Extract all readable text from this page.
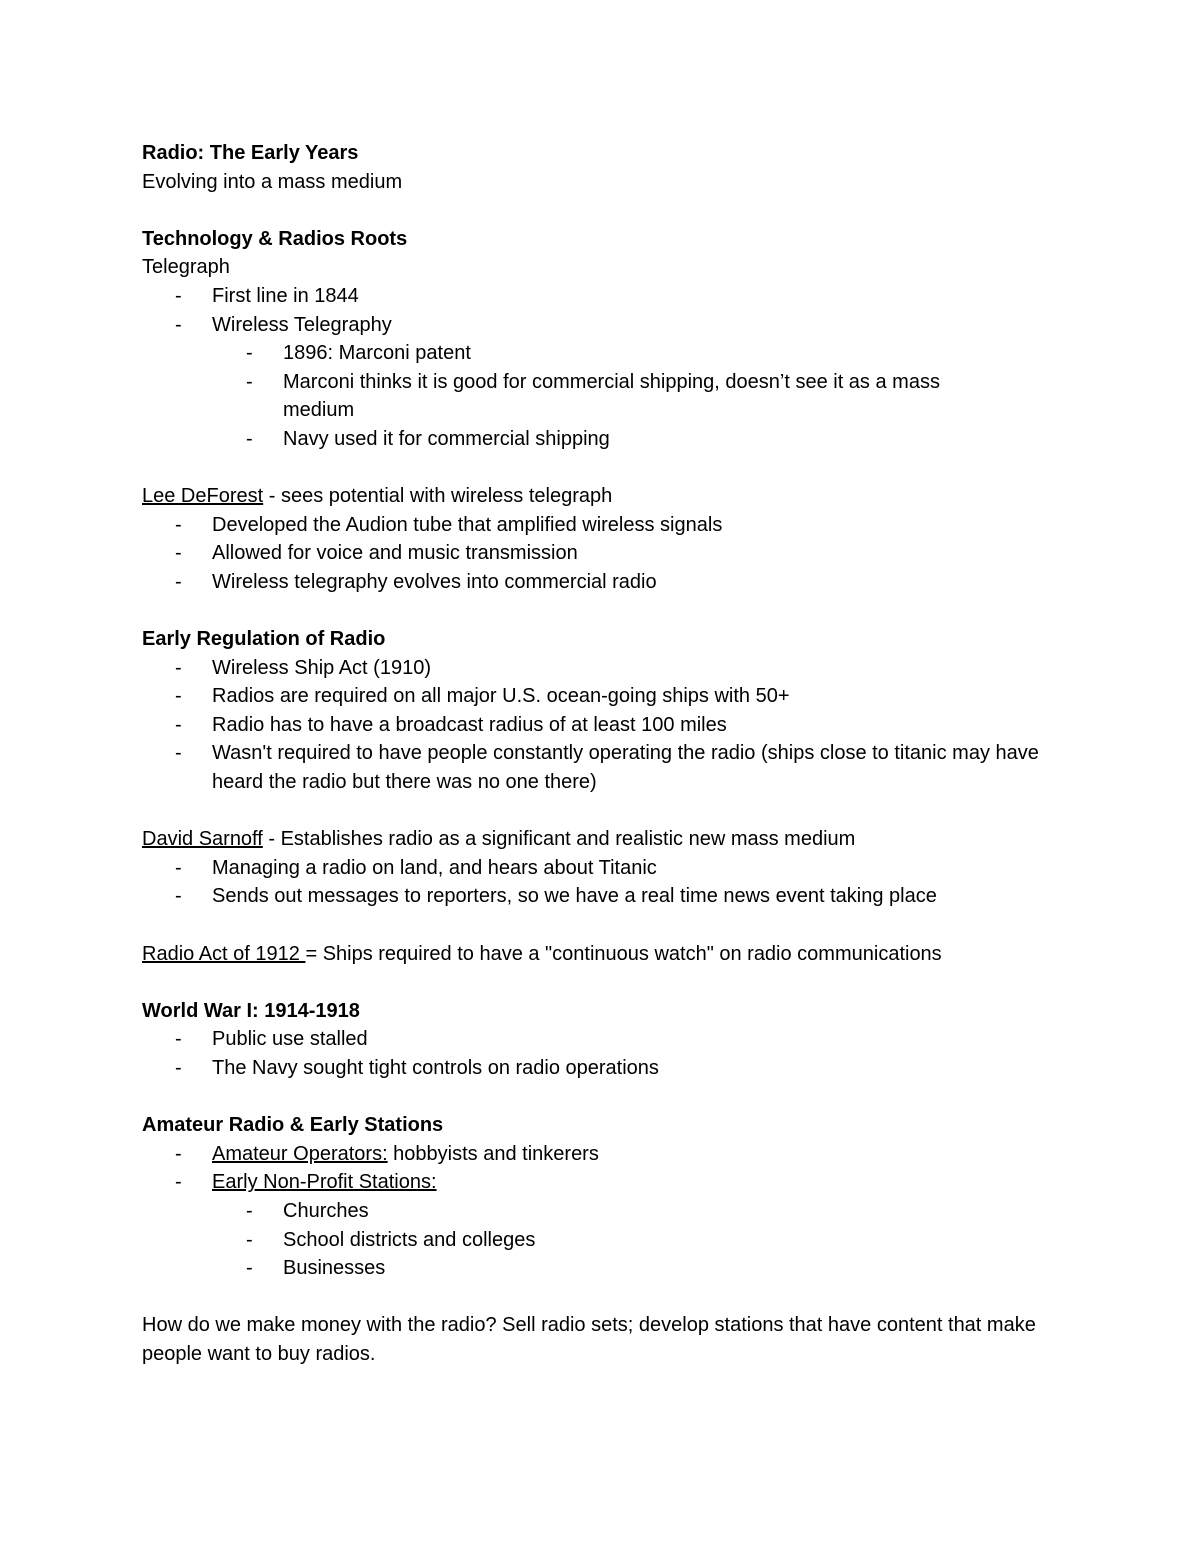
Radio: The Early Years
Evolving into a mass medium
Technology & Radios Roots
Telegraph
- First line in 1844
- Wireless Telegraphy
- 1896: Marconi patent
- Marconi thinks it is good for commercial shipping, doesn’t see it as a mass medium
- Navy used it for commercial shipping
Lee DeForest - sees potential with wireless telegraph
- Developed the Audion tube that amplified wireless signals
- Allowed for voice and music transmission
- Wireless telegraphy evolves into commercial radio
Early Regulation of Radio
- Wireless Ship Act (1910)
- Radios are required on all major U.S. ocean-going ships with 50+
- Radio has to have a broadcast radius of at least 100 miles
- Wasn't required to have people constantly operating the radio (ships close to titanic may have heard the radio but there was no one there)
David Sarnoff - Establishes radio as a significant and realistic new mass medium
- Managing a radio on land, and hears about Titanic
- Sends out messages to reporters, so we have a real time news event taking place
Radio Act of 1912 = Ships required to have a "continuous watch" on radio communications
World War I: 1914-1918
- Public use stalled
- The Navy sought tight controls on radio operations
Amateur Radio & Early Stations
- Amateur Operators: hobbyists and tinkerers
- Early Non-Profit Stations:
- Churches
- School districts and colleges
- Businesses
How do we make money with the radio? Sell radio sets; develop stations that have content that make people want to buy radios.
